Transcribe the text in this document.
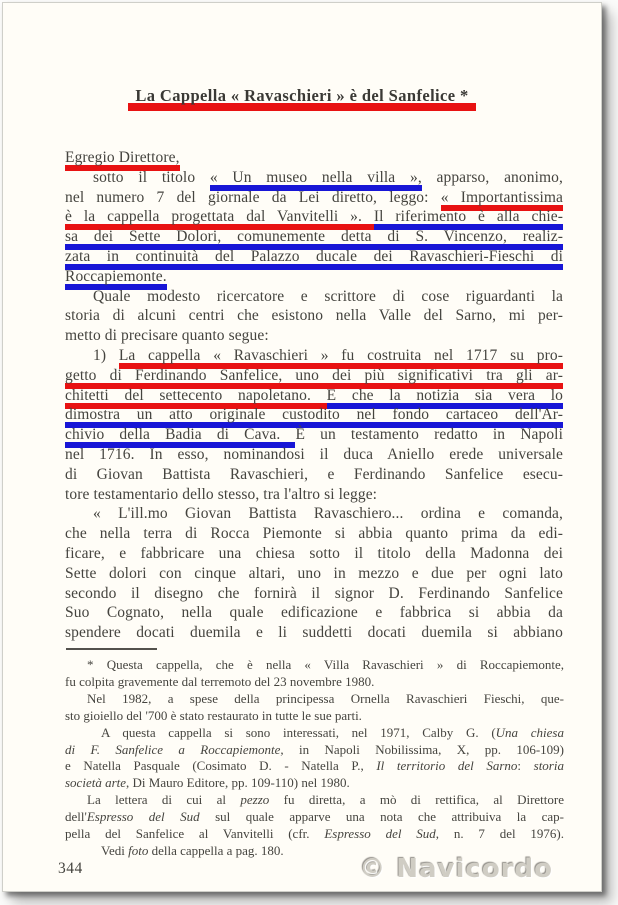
La Cappella « Ravaschieri » è del Sanfelice *
Egregio Direttore,
sotto il titolo « Un museo nella villa », apparso, anonimo,
nel numero 7 del giornale da Lei diretto, leggo: « Importantissima
è la cappella progettata dal Vanvitelli ». Il riferimento è alla chie-
sa dei Sette Dolori, comunemente detta di S. Vincenzo, realiz-
zata in continuità del Palazzo ducale dei Ravaschieri-Fieschi di
Roccapiemonte.
Quale modesto ricercatore e scrittore di cose riguardanti la
storia di alcuni centri che esistono nella Valle del Sarno, mi per-
metto di precisare quanto segue:
1) La cappella « Ravaschieri » fu costruita nel 1717 su pro-
getto di Ferdinando Sanfelice, uno dei più significativi tra gli ar-
chitetti del settecento napoletano. E che la notizia sia vera lo
dimostra un atto originale custodito nel fondo cartaceo dell'Ar-
chivio della Badia di Cava. È un testamento redatto in Napoli
nel 1716. In esso, nominandosi il duca Aniello erede universale
di Giovan Battista Ravaschieri, e Ferdinando Sanfelice esecu-
tore testamentario dello stesso, tra l'altro si legge:
« L'ill.mo Giovan Battista Ravaschiero... ordina e comanda,
che nella terra di Rocca Piemonte si abbia quanto prima da edi-
ficare, e fabbricare una chiesa sotto il titolo della Madonna dei
Sette dolori con cinque altari, uno in mezzo e due per ogni lato
secondo il disegno che fornirà il signor D. Ferdinando Sanfelice
Suo Cognato, nella quale edificazione e fabbrica si abbia da
spendere docati duemila e li suddetti docati duemila si abbiano
* Questa cappella, che è nella « Villa Ravaschieri » di Roccapiemonte,
fu colpita gravemente dal terremoto del 23 novembre 1980.
Nel 1982, a spese della principessa Ornella Ravaschieri Fieschi, que-
sto gioiello del '700 è stato restaurato in tutte le sue parti.
A questa cappella si sono interessati, nel 1971, Calby G. (Una chiesa
di F. Sanfelice a Roccapiemonte, in Napoli Nobilissima, X, pp. 106-109)
e Natella Pasquale (Cosimato D. - Natella P., Il territorio del Sarno: storia
società arte, Di Mauro Editore, pp. 109-110) nel 1980.
La lettera di cui al pezzo fu diretta, a mò di rettifica, al Direttore
dell'Espresso del Sud sul quale apparve una nota che attribuiva la cap-
pella del Sanfelice al Vanvitelli (cfr. Espresso del Sud, n. 7 del 1976).
Vedi foto della cappella a pag. 180.
344	© Navicordo
